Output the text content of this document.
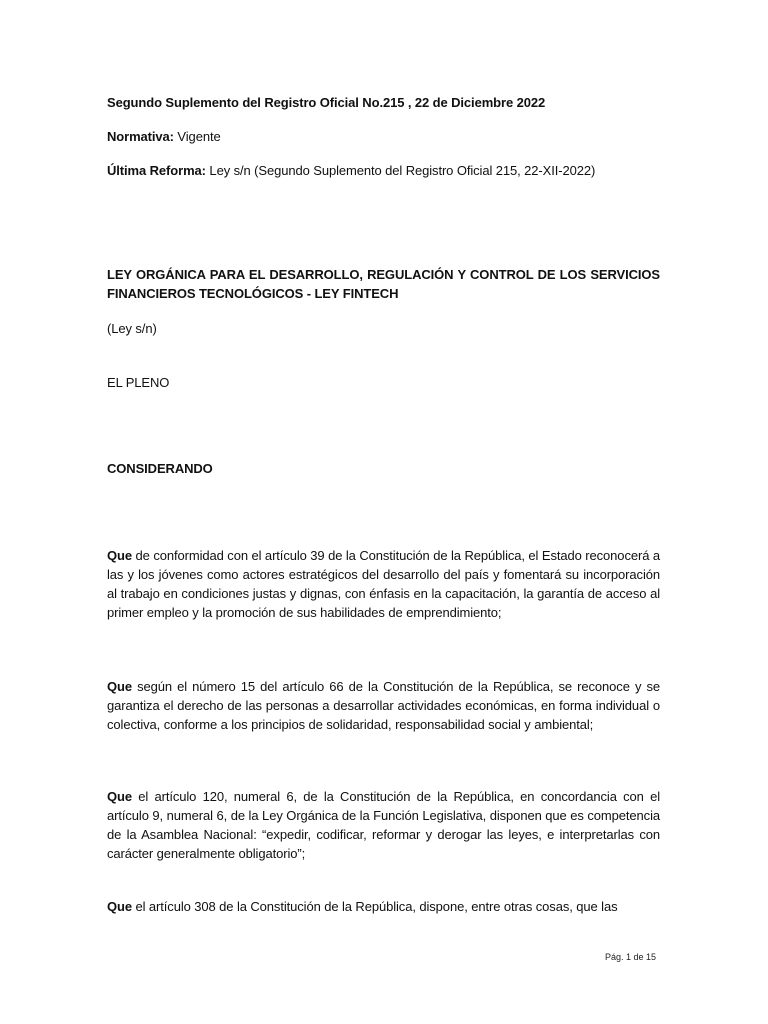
Segundo Suplemento del Registro Oficial No.215 , 22 de Diciembre 2022
Normativa: Vigente
Última Reforma: Ley s/n (Segundo Suplemento del Registro Oficial 215, 22-XII-2022)
LEY ORGÁNICA PARA EL DESARROLLO, REGULACIÓN Y CONTROL DE LOS SERVICIOS FINANCIEROS TECNOLÓGICOS - LEY FINTECH
(Ley s/n)
EL PLENO
CONSIDERANDO
Que de conformidad con el artículo 39 de la Constitución de la República, el Estado reconocerá a las y los jóvenes como actores estratégicos del desarrollo del país y fomentará su incorporación al trabajo en condiciones justas y dignas, con énfasis en la capacitación, la garantía de acceso al primer empleo y la promoción de sus habilidades de emprendimiento;
Que según el número 15 del artículo 66 de la Constitución de la República, se reconoce y se garantiza el derecho de las personas a desarrollar actividades económicas, en forma individual o colectiva, conforme a los principios de solidaridad, responsabilidad social y ambiental;
Que el artículo 120, numeral 6, de la Constitución de la República, en concordancia con el artículo 9, numeral 6, de la Ley Orgánica de la Función Legislativa, disponen que es competencia de la Asamblea Nacional: “expedir, codificar, reformar y derogar las leyes, e interpretarlas con carácter generalmente obligatorio”;
Que el artículo 308 de la Constitución de la República, dispone, entre otras cosas, que las
Pág. 1 de 15
